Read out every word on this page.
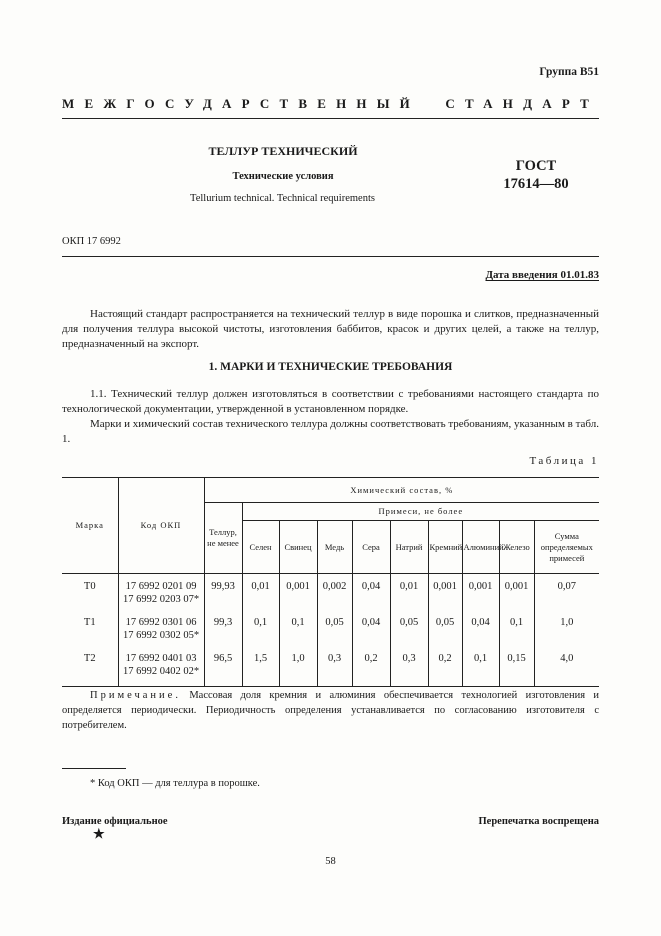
Группа В51
МЕЖГОСУДАРСТВЕННЫЙ СТАНДАРТ
ТЕЛЛУР ТЕХНИЧЕСКИЙ
Технические условия
Tellurium technical. Technical requirements
ГОСТ
17614—80
ОКП 17 6992
Дата введения 01.01.83
Настоящий стандарт распространяется на технический теллур в виде порошка и слитков, предназначенный для получения теллура высокой чистоты, изготовления баббитов, красок и других целей, а также на теллур, предназначенный на экспорт.
1. МАРКИ И ТЕХНИЧЕСКИЕ ТРЕБОВАНИЯ
1.1. Технический теллур должен изготовляться в соответствии с требованиями настоящего стандарта по технологической документации, утвержденной в установленном порядке.
Марки и химический состав технического теллура должны соответствовать требованиям, указанным в табл. 1.
Таблица 1
Марка	Код ОКП	Химический состав, %									
		Теллур, не менее	Примеси, не более								
			Селен	Свинец	Медь	Сера	Натрий	Кремний	Алюминий	Железо	Сумма определяемых примесей
Т0	17 6992 0201 09
17 6992 0203 07*	99,93	0,01	0,001	0,002	0,04	0,01	0,001	0,001	0,001	0,07
Т1	17 6992 0301 06
17 6992 0302 05*	99,3	0,1	0,1	0,05	0,04	0,05	0,05	0,04	0,1	1,0
Т2	17 6992 0401 03
17 6992 0402 02*	96,5	1,5	1,0	0,3	0,2	0,3	0,2	0,1	0,15	4,0
Примечание. Массовая доля кремния и алюминия обеспечивается технологией изготовления и определяется периодически. Периодичность определения устанавливается по согласованию изготовителя с потребителем.
* Код ОКП — для теллура в порошке.
Издание официальное
★
Перепечатка воспрещена
58
